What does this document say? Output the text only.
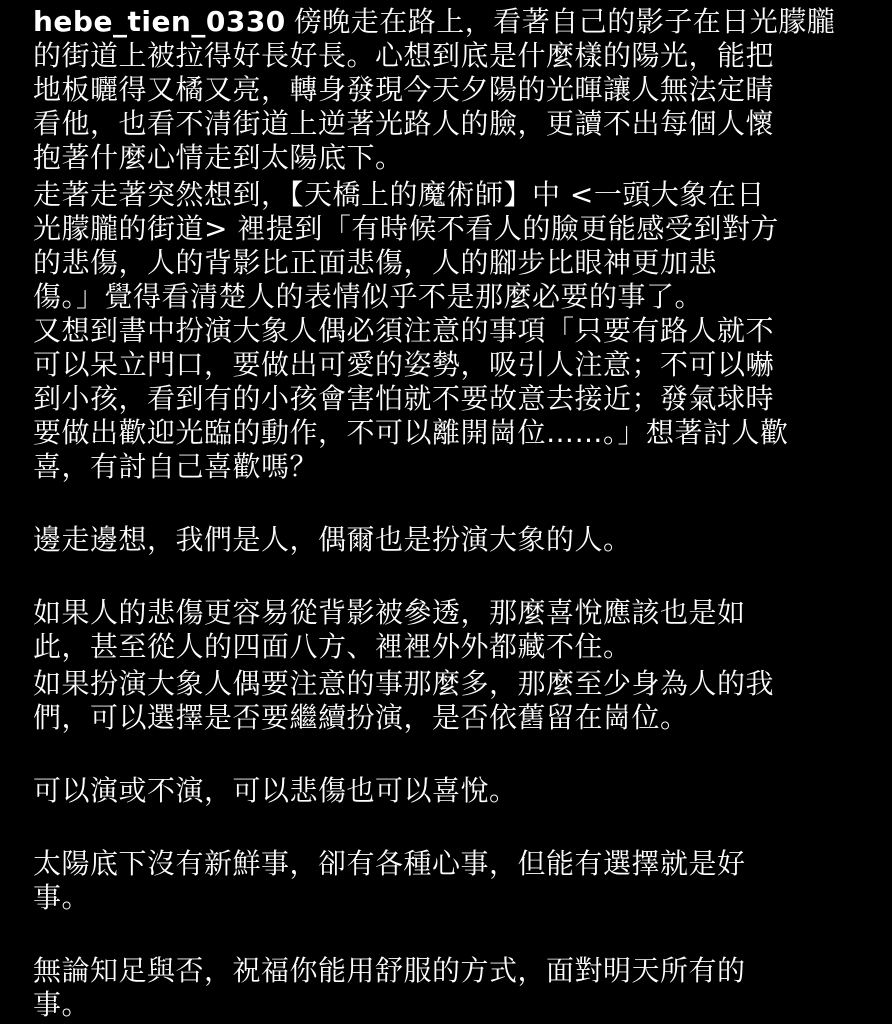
hebe_tien_0330 傍晚走在路上，看著自己的影子在日光朦朧
的街道上被拉得好長好長。心想到底是什麼樣的陽光，能把
地板曬得又橘又亮，轉身發現今天夕陽的光暉讓人無法定睛
看他，也看不清街道上逆著光路人的臉，更讀不出每個人懷
抱著什麼心情走到太陽底下。
走著走著突然想到，【天橋上的魔術師】中 <一頭大象在日
光朦朧的街道> 裡提到「有時候不看人的臉更能感受到對方
的悲傷，人的背影比正面悲傷，人的腳步比眼神更加悲
傷。」覺得看清楚人的表情似乎不是那麼必要的事了。
又想到書中扮演大象人偶必須注意的事項「只要有路人就不
可以呆立門口，要做出可愛的姿勢，吸引人注意；不可以嚇
到小孩，看到有的小孩會害怕就不要故意去接近；發氣球時
要做出歡迎光臨的動作，不可以離開崗位……。」想著討人歡
喜，有討自己喜歡嗎？
邊走邊想，我們是人，偶爾也是扮演大象的人。
如果人的悲傷更容易從背影被參透，那麼喜悅應該也是如
此，甚至從人的四面八方、裡裡外外都藏不住。
如果扮演大象人偶要注意的事那麼多，那麼至少身為人的我
們，可以選擇是否要繼續扮演，是否依舊留在崗位。
可以演或不演，可以悲傷也可以喜悅。
太陽底下沒有新鮮事，卻有各種心事，但能有選擇就是好
事。
無論知足與否，祝福你能用舒服的方式，面對明天所有的
事。
